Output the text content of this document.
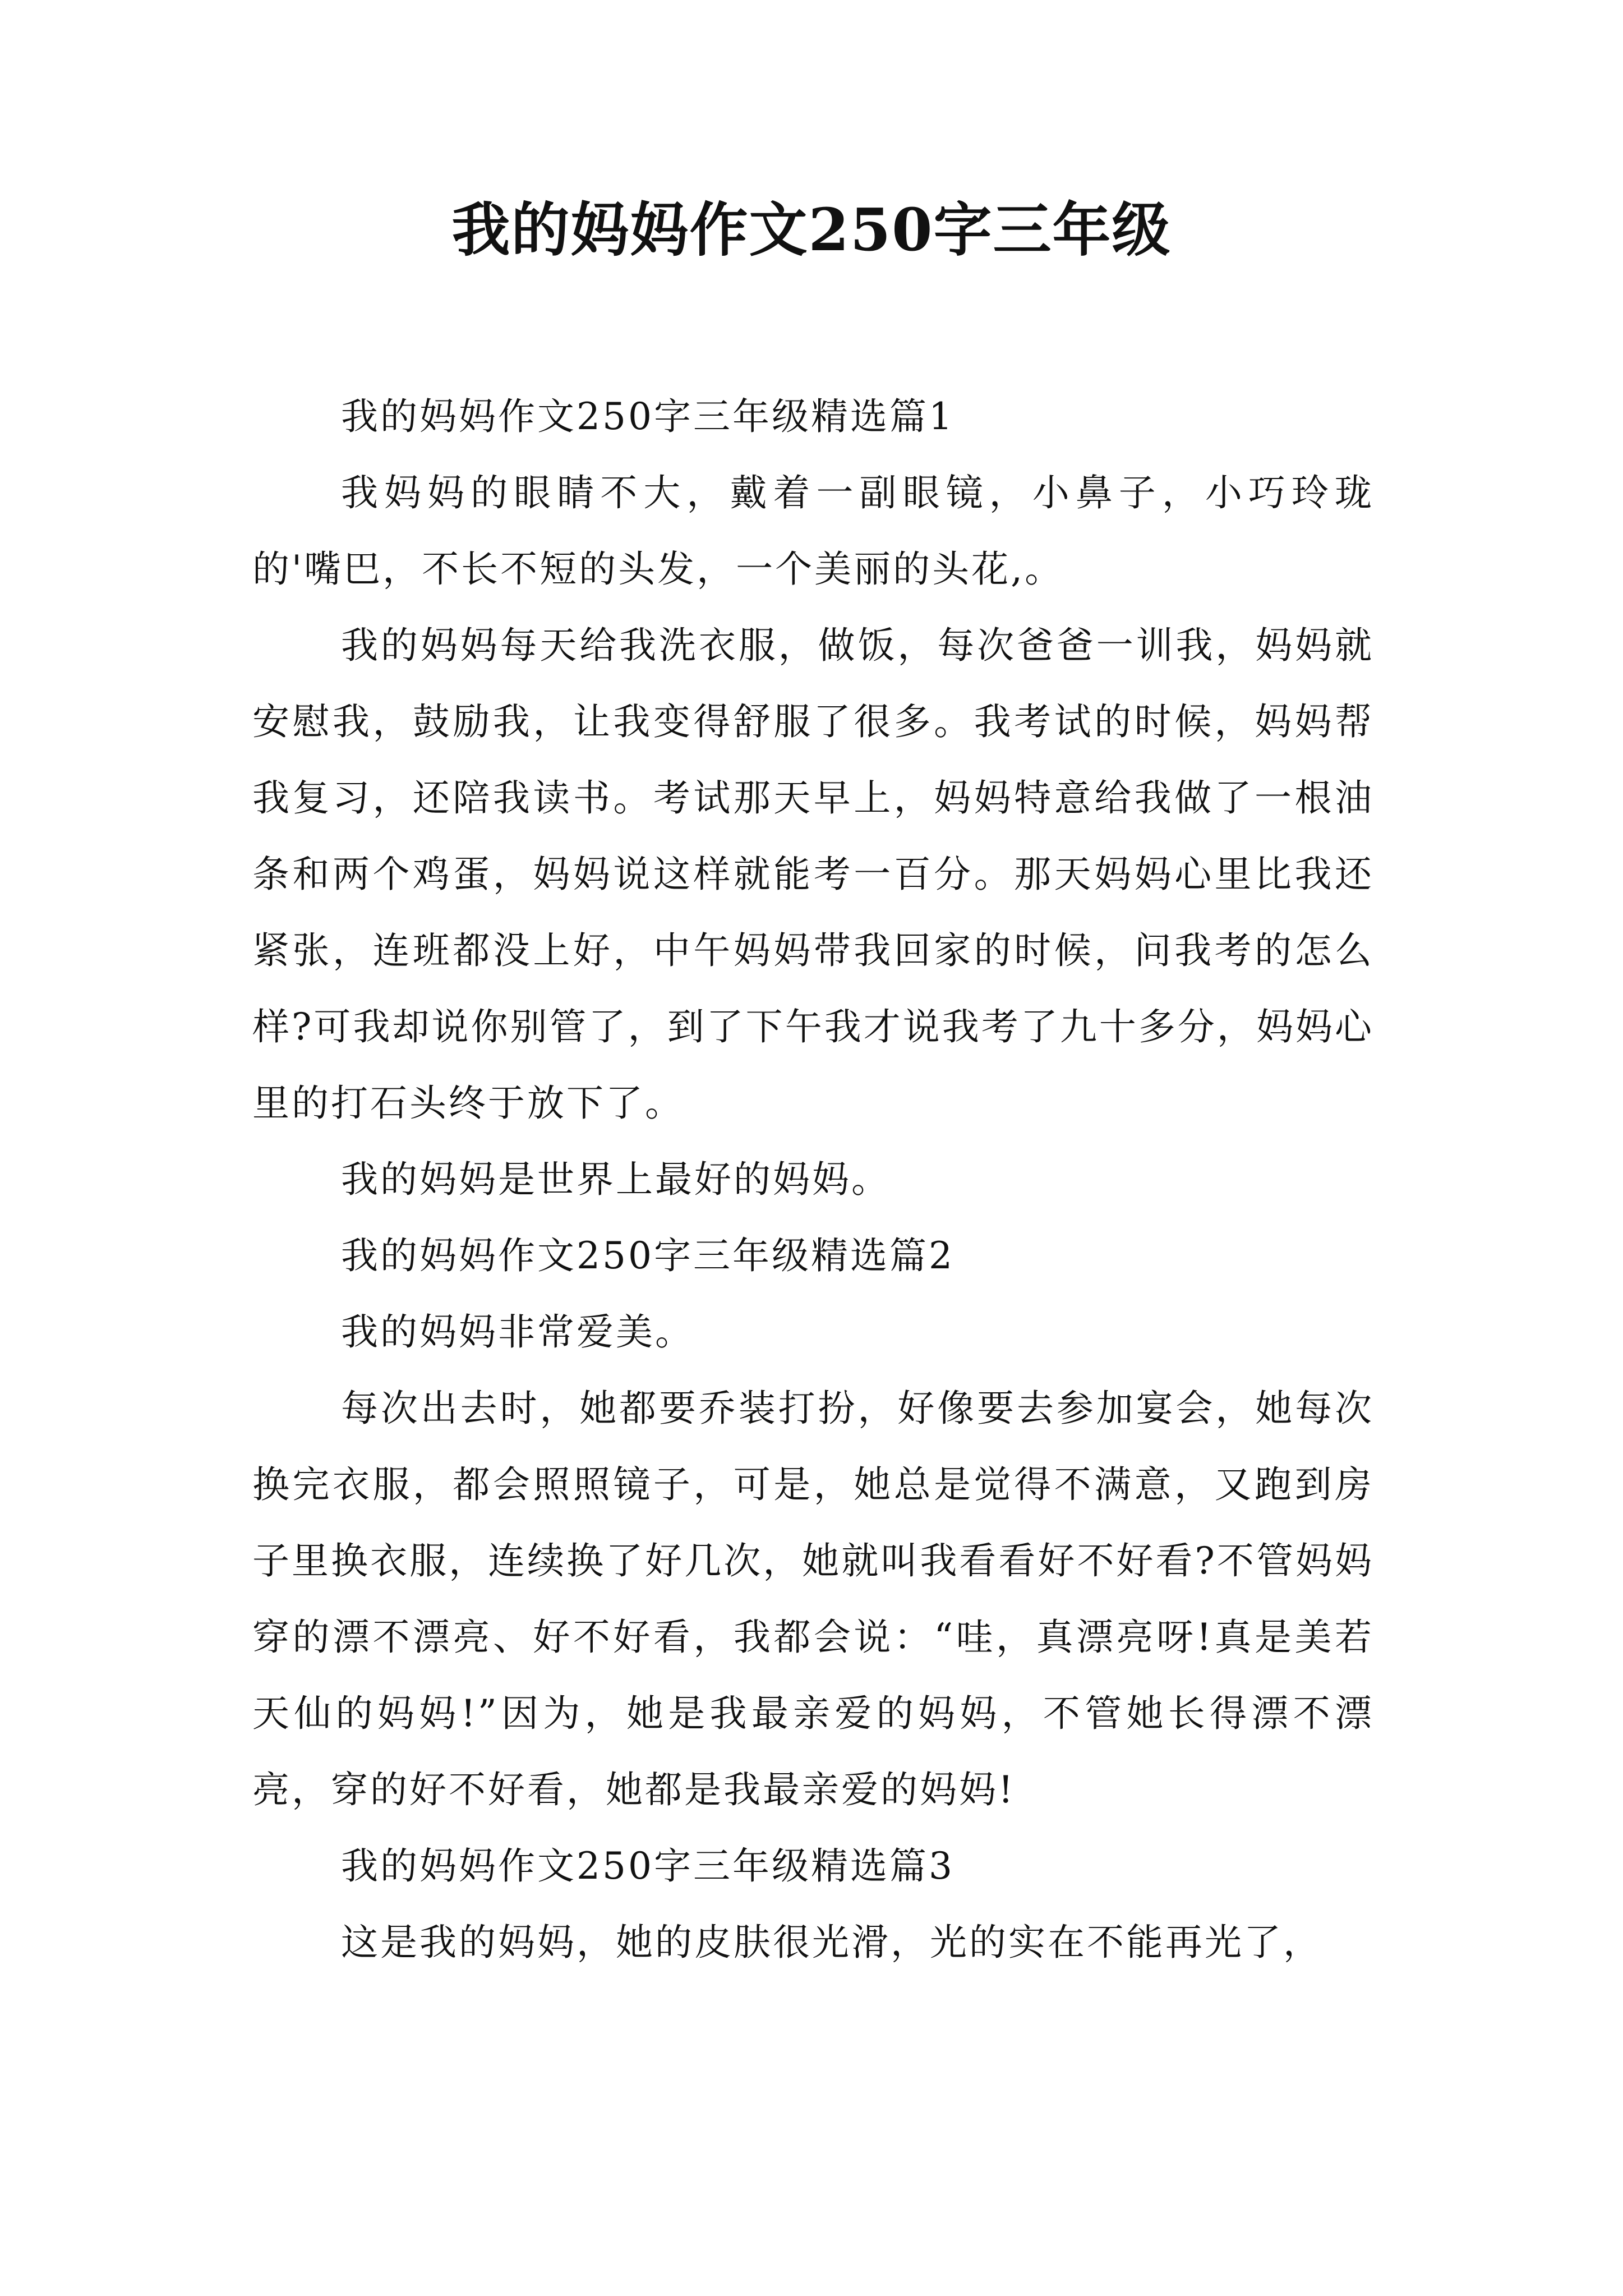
我的妈妈作文250字三年级

我的妈妈作文250字三年级精选篇1

我妈妈的眼睛不大，戴着一副眼镜，小鼻子，小巧玲珑的'嘴巴，不长不短的头发，一个美丽的头花,。

我的妈妈每天给我洗衣服，做饭，每次爸爸一训我，妈妈就安慰我，鼓励我，让我变得舒服了很多。我考试的时候，妈妈帮我复习，还陪我读书。考试那天早上，妈妈特意给我做了一根油条和两个鸡蛋，妈妈说这样就能考一百分。那天妈妈心里比我还紧张，连班都没上好，中午妈妈带我回家的时候，问我考的怎么样?可我却说你别管了，到了下午我才说我考了九十多分，妈妈心里的打石头终于放下了。

我的妈妈是世界上最好的妈妈。

我的妈妈作文250字三年级精选篇2

我的妈妈非常爱美。

每次出去时，她都要乔装打扮，好像要去参加宴会，她每次换完衣服，都会照照镜子，可是，她总是觉得不满意，又跑到房子里换衣服，连续换了好几次，她就叫我看看好不好看?不管妈妈穿的漂不漂亮、好不好看，我都会说：“哇，真漂亮呀!真是美若天仙的妈妈!”因为，她是我最亲爱的妈妈，不管她长得漂不漂亮，穿的好不好看，她都是我最亲爱的妈妈!

我的妈妈作文250字三年级精选篇3

这是我的妈妈，她的皮肤很光滑，光的实在不能再光了，
